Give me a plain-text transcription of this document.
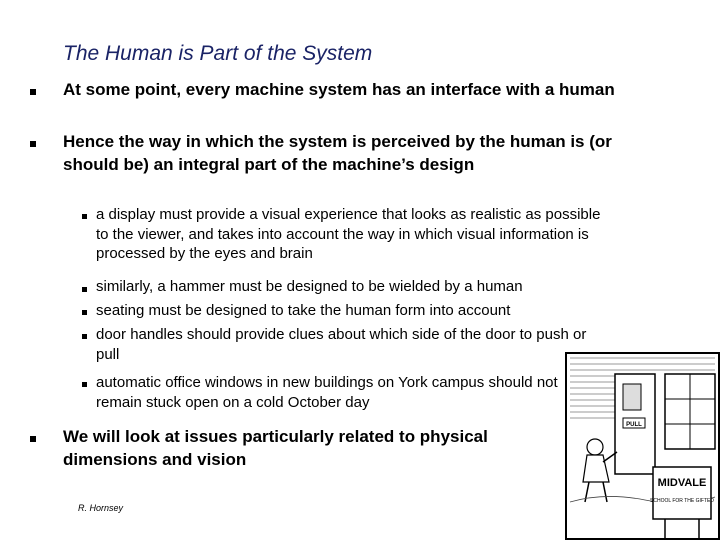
The Human is Part of the System
At some point, every machine system has an interface with a human
Hence the way in which the system is perceived by the human is (or should be) an integral part of the machine’s design
a display must provide a visual experience that looks as realistic as possible to the viewer, and takes into account the way in which visual information is processed by the eyes and brain
similarly, a hammer must be designed to be wielded by a human
seating must be designed to take the human form into account
door handles should provide clues about which side of the door to push or pull
automatic office windows in new buildings on York campus should not remain stuck open on a cold October day
We will look at issues particularly related to physical dimensions and vision
R. Hornsey
PULL
MIDVALE
SCHOOL FOR THE GIFTED
